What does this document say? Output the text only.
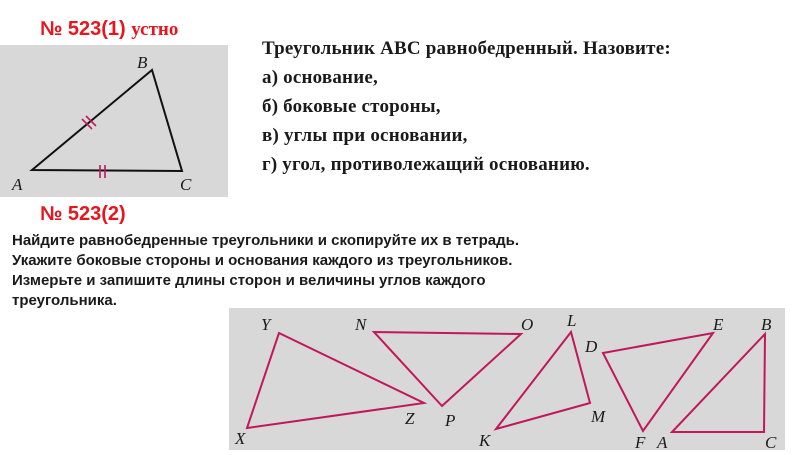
№ 523(1) устно
A
B
C
Треугольник АВС равнобедренный. Назовите:
а) основание,
б) боковые стороны,
в) углы при основании,
г) угол, противолежащий основанию.
№ 523(2)
Найдите равнобедренные треугольники и скопируйте их в тетрадь.
Укажите боковые стороны и основания каждого из треугольников.
Измерьте и запишите длины сторон и величины углов каждого
треугольника.
Y
X
Z
N	O
P
L
K
M
D
E
F
B
A	C
